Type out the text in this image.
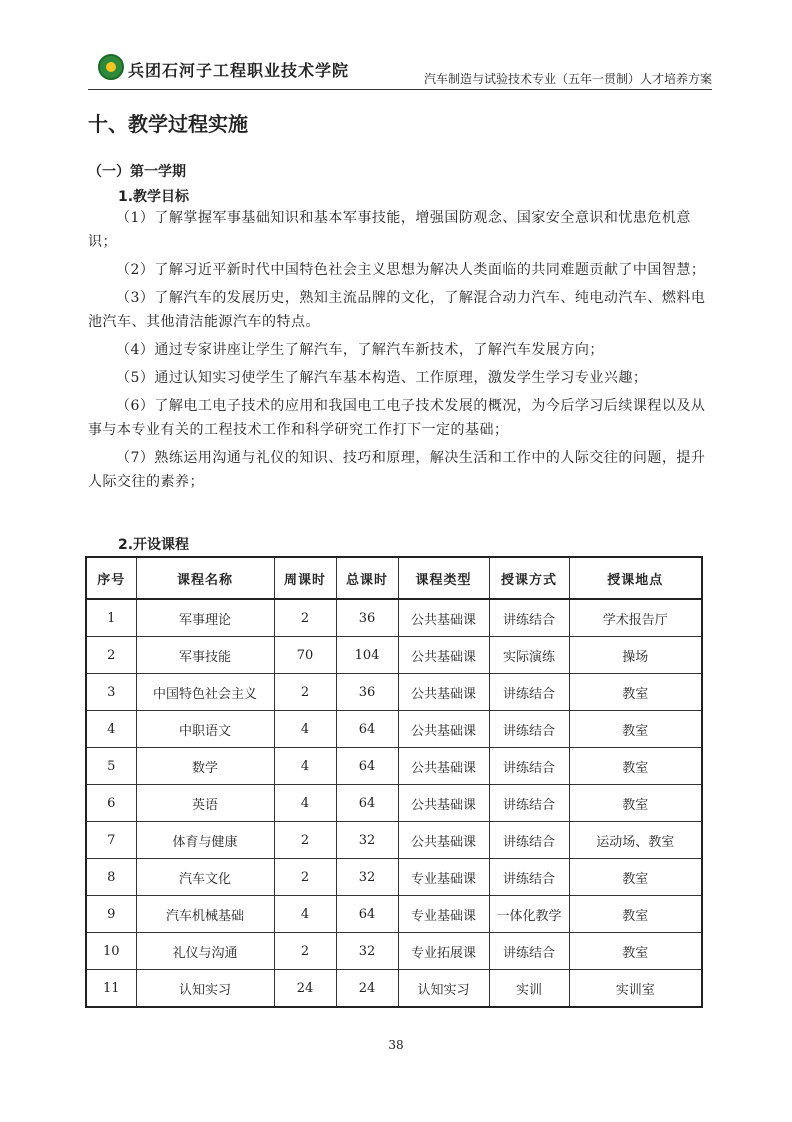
兵团石河子工程职业技术学院	汽车制造与试验技术专业（五年一贯制）人才培养方案
十、教学过程实施
（一）第一学期
1.教学目标

（1）了解掌握军事基础知识和基本军事技能，增强国防观念、国家安全意识和忧患危机意识；

（2）了解习近平新时代中国特色社会主义思想为解决人类面临的共同难题贡献了中国智慧；

（3）了解汽车的发展历史，熟知主流品牌的文化，了解混合动力汽车、纯电动汽车、燃料电池汽车、其他清洁能源汽车的特点。

（4）通过专家讲座让学生了解汽车，了解汽车新技术，了解汽车发展方向；

（5）通过认知实习使学生了解汽车基本构造、工作原理，激发学生学习专业兴趣；

（6）了解电工电子技术的应用和我国电工电子技术发展的概况，为今后学习后续课程以及从事与本专业有关的工程技术工作和科学研究工作打下一定的基础；

（7）熟练运用沟通与礼仪的知识、技巧和原理，解决生活和工作中的人际交往的问题，提升人际交往的素养；

2.开设课程
序号	课程名称	周课时	总课时	课程类型	授课方式	授课地点
1	军事理论	2	36	公共基础课	讲练结合	学术报告厅
2	军事技能	70	104	公共基础课	实际演练	操场
3	中国特色社会主义	2	36	公共基础课	讲练结合	教室
4	中职语文	4	64	公共基础课	讲练结合	教室
5	数学	4	64	公共基础课	讲练结合	教室
6	英语	4	64	公共基础课	讲练结合	教室
7	体育与健康	2	32	公共基础课	讲练结合	运动场、教室
8	汽车文化	2	32	专业基础课	讲练结合	教室
9	汽车机械基础	4	64	专业基础课	一体化教学	教室
10	礼仪与沟通	2	32	专业拓展课	讲练结合	教室
11	认知实习	24	24	认知实习	实训	实训室
38
